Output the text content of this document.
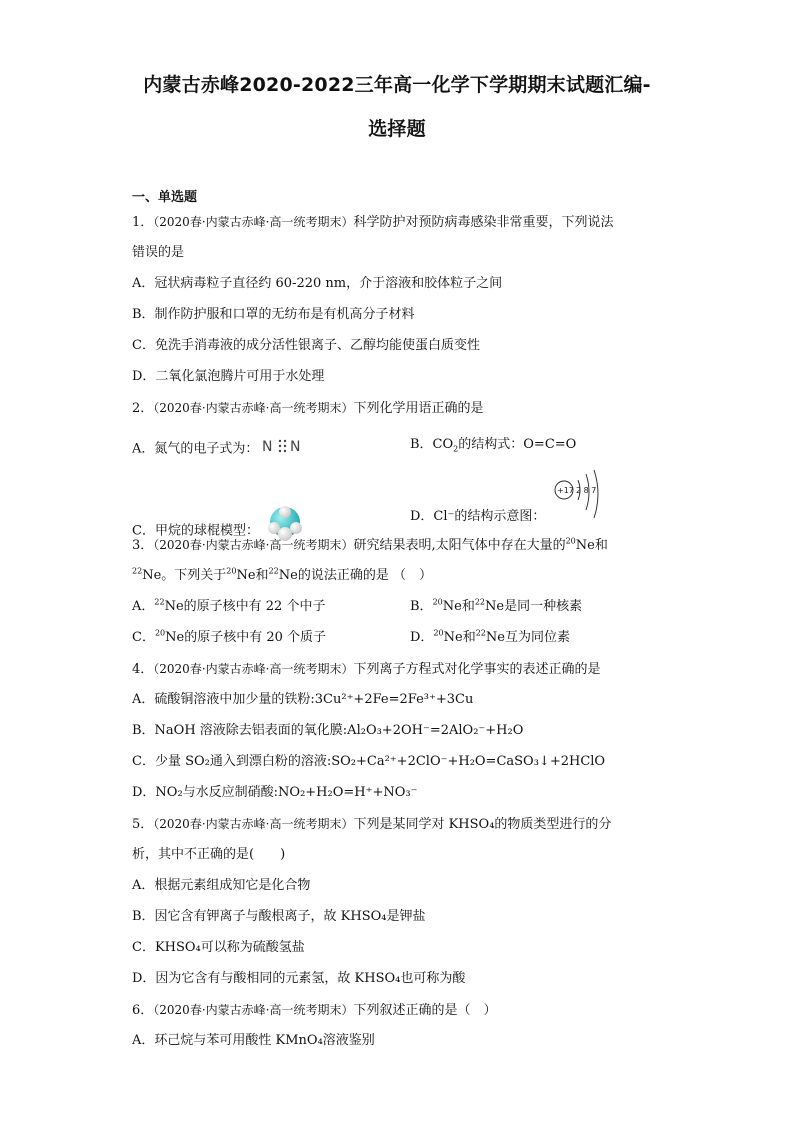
内蒙古赤峰2020-2022三年高一化学下学期期末试题汇编-
选择题
一、单选题
1．（2020春·内蒙古赤峰·高一统考期末）科学防护对预防病毒感染非常重要，下列说法
错误的是
A．冠状病毒粒子直径约 60-220 nm，介于溶液和胶体粒子之间
B．制作防护服和口罩的无纺布是有机高分子材料
C．免洗手消毒液的成分活性银离子、乙醇均能使蛋白质变性
D．二氧化氯泡腾片可用于水处理
2．（2020春·内蒙古赤峰·高一统考期末）下列化学用语正确的是
A．氮气的电子式为： N N	B．$CO_2$的结构式：O=C=O
C．甲烷的球棍模型：
D．Cl⁻的结构示意图：
+17 2 8 7
3．（2020春·内蒙古赤峰·高一统考期末）研究结果表明,太阳气体中存在大量的$^{20}$Ne和
$^{22}$Ne。下列关于$^{20}$Ne和$^{22}$Ne的说法正确的是 （　）
A．$^{22}$Ne的原子核中有 22 个中子	B．$^{20}$Ne和$^{22}$Ne是同一种核素
C．$^{20}$Ne的原子核中有 20 个质子	D．$^{20}$Ne和$^{22}$Ne互为同位素
4．（2020春·内蒙古赤峰·高一统考期末）下列离子方程式对化学事实的表述正确的是
A．硫酸铜溶液中加少量的铁粉:3Cu²⁺+2Fe=2Fe³⁺+3Cu
B．NaOH 溶液除去铝表面的氧化膜:Al₂O₃+2OH⁻=2AlO₂⁻+H₂O
C．少量 SO₂通入到漂白粉的溶液:SO₂+Ca²⁺+2ClO⁻+H₂O=CaSO₃↓+2HClO
D．NO₂与水反应制硝酸:NO₂+H₂O=H⁺+NO₃⁻
5．（2020春·内蒙古赤峰·高一统考期末）下列是某同学对 KHSO₄的物质类型进行的分
析，其中不正确的是(　　)
A．根据元素组成知它是化合物
B．因它含有钾离子与酸根离子，故 KHSO₄是钾盐
C．KHSO₄可以称为硫酸氢盐
D．因为它含有与酸相同的元素氢，故 KHSO₄也可称为酸
6．（2020春·内蒙古赤峰·高一统考期末）下列叙述正确的是（　）
A．环己烷与苯可用酸性 KMnO₄溶液鉴别
